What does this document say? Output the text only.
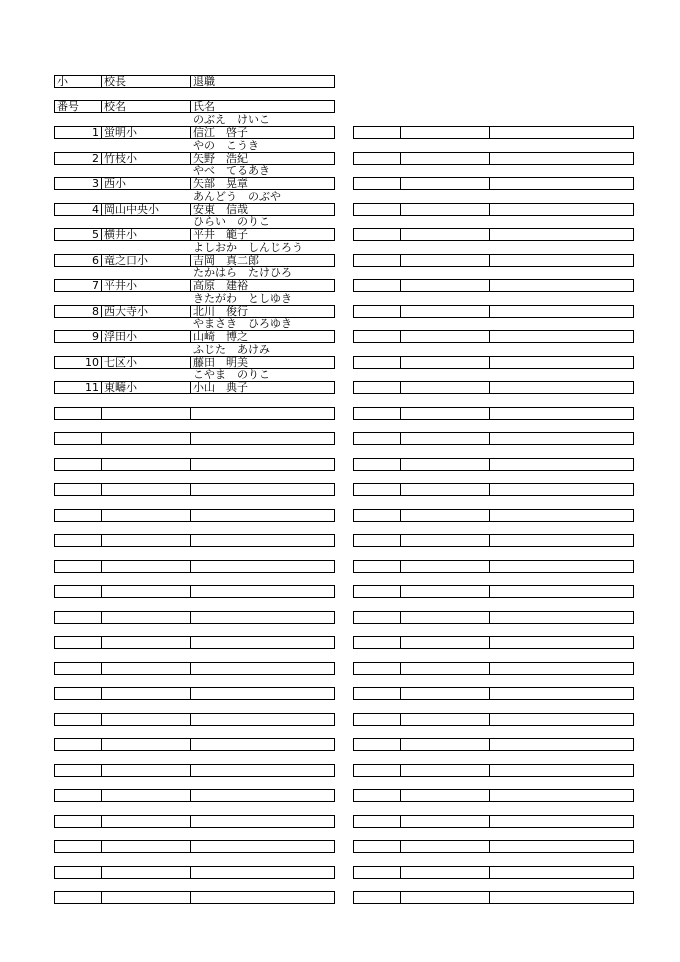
小	校長	退職
番号	校名	氏名
1 蛍明小	信江　啓子
のぶえ　けいこ
2 竹枝小	矢野　浩紀
やの　こうき
3 西小	矢部　晃章
やべ　てるあき
4 岡山中央小	安東　信哉
あんどう　のぶや
5 横井小	平井　範子
ひらい　のりこ
6 竜之口小	吉岡　真二郎
よしおか　しんじろう
7 平井小	高原　建裕
たかはら　たけひろ
8 西大寺小	北川　俊行
きたがわ　としゆき
9 浮田小	山崎　博之
やまさき　ひろゆき
10 七区小	藤田　明美
ふじた　あけみ
11 東疇小	小山　典子
こやま　のりこ
